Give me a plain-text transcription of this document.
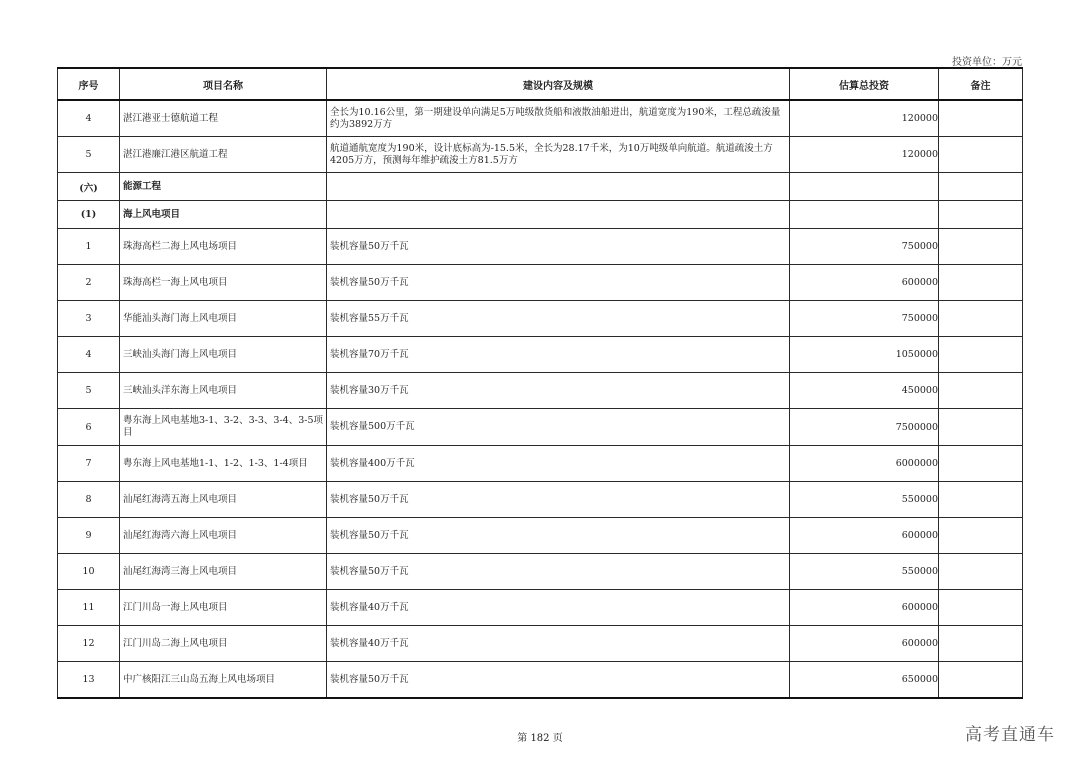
投资单位：万元
序号	项目名称	建设内容及规模	估算总投资	备注
4	湛江港亚士德航道工程	全长为10.16公里，第一期建设单向满足5万吨级散货船和液散油船进出，航道宽度为190米，工程总疏浚量约为3892万方	120000	
5	湛江港廉江港区航道工程	航道通航宽度为190米，设计底标高为-15.5米，全长为28.17千米，为10万吨级单向航道。航道疏浚土方4205万方，预测每年维护疏浚土方81.5万方	120000	
(六)	能源工程			
(1)	海上风电项目			
1	珠海高栏二海上风电场项目	装机容量50万千瓦	750000	
2	珠海高栏一海上风电项目	装机容量50万千瓦	600000	
3	华能汕头海门海上风电项目	装机容量55万千瓦	750000	
4	三峡汕头海门海上风电项目	装机容量70万千瓦	1050000	
5	三峡汕头洋东海上风电项目	装机容量30万千瓦	450000	
6	粤东海上风电基地3-1、3-2、3-3、3-4、3-5项目	装机容量500万千瓦	7500000	
7	粤东海上风电基地1-1、1-2、1-3、1-4项目	装机容量400万千瓦	6000000	
8	汕尾红海湾五海上风电项目	装机容量50万千瓦	550000	
9	汕尾红海湾六海上风电项目	装机容量50万千瓦	600000	
10	汕尾红海湾三海上风电项目	装机容量50万千瓦	550000	
11	江门川岛一海上风电项目	装机容量40万千瓦	600000	
12	江门川岛二海上风电项目	装机容量40万千瓦	600000	
13	中广核阳江三山岛五海上风电场项目	装机容量50万千瓦	650000	
第 182 页	高考直通车
